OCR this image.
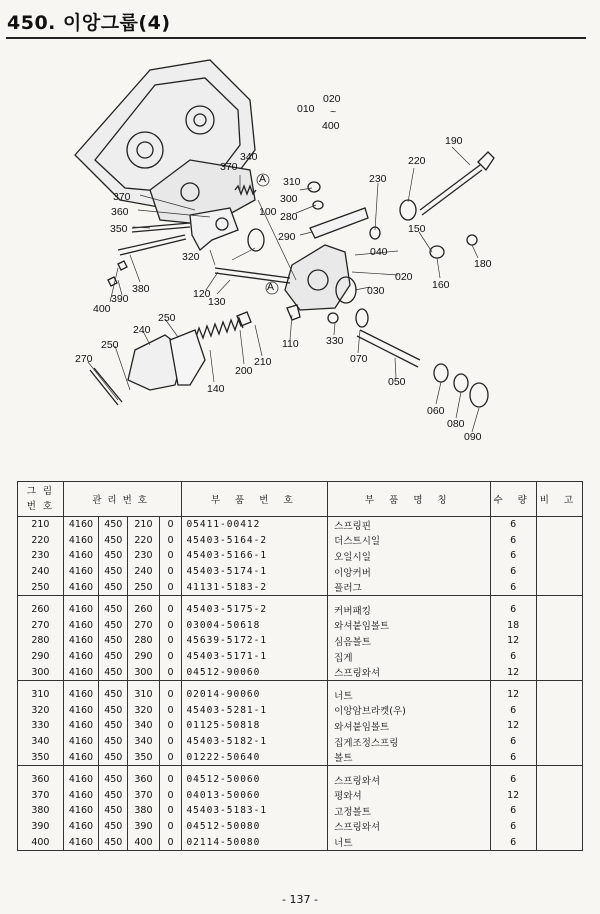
450. 이앙그룹(4)
010
020
~
400
310
300
280
290
370
340
370
360
350
320
100
A	230
220
190
150
040
020
030
180
160
120
130
A
400
390
380
240
250
270
250
140
200
210
110	330
070
050
060
080
090
그 림 번 호	관리번호				부 품 번 호	부 품 명 칭	수 량	비 고
210	4160	450	210	0	05411-00412	스프링핀	6	
220	4160	450	220	0	45403-5164-2	더스트시일	6	
230	4160	450	230	0	45403-5166-1	오일시일	6	
240	4160	450	240	0	45403-5174-1	이앙커버	6	
250	4160	450	250	0	41131-5183-2	플러그	6	
260	4160	450	260	0	45403-5175-2	커버패킹	6	
270	4160	450	270	0	03004-50618	와셔붙임볼트	18	
280	4160	450	280	0	45639-5172-1	심음볼트	12	
290	4160	450	290	0	45403-5171-1	집게	6	
300	4160	450	300	0	04512-90060	스프링와셔	12	
310	4160	450	310	0	02014-90060	너트	12	
320	4160	450	320	0	45403-5281-1	이앙암브라켓(우)	6	
330	4160	450	340	0	01125-50818	와셔붙임볼트	12	
340	4160	450	340	0	45403-5182-1	집게조정스프링	6	
350	4160	450	350	0	01222-50640	볼트	6	
360	4160	450	360	0	04512-50060	스프링와셔	6	
370	4160	450	370	0	04013-50060	평와셔	12	
380	4160	450	380	0	45403-5183-1	고정볼트	6	
390	4160	450	390	0	04512-50080	스프링와셔	6	
400	4160	450	400	0	02114-50080	너트	6	
- 137 -
